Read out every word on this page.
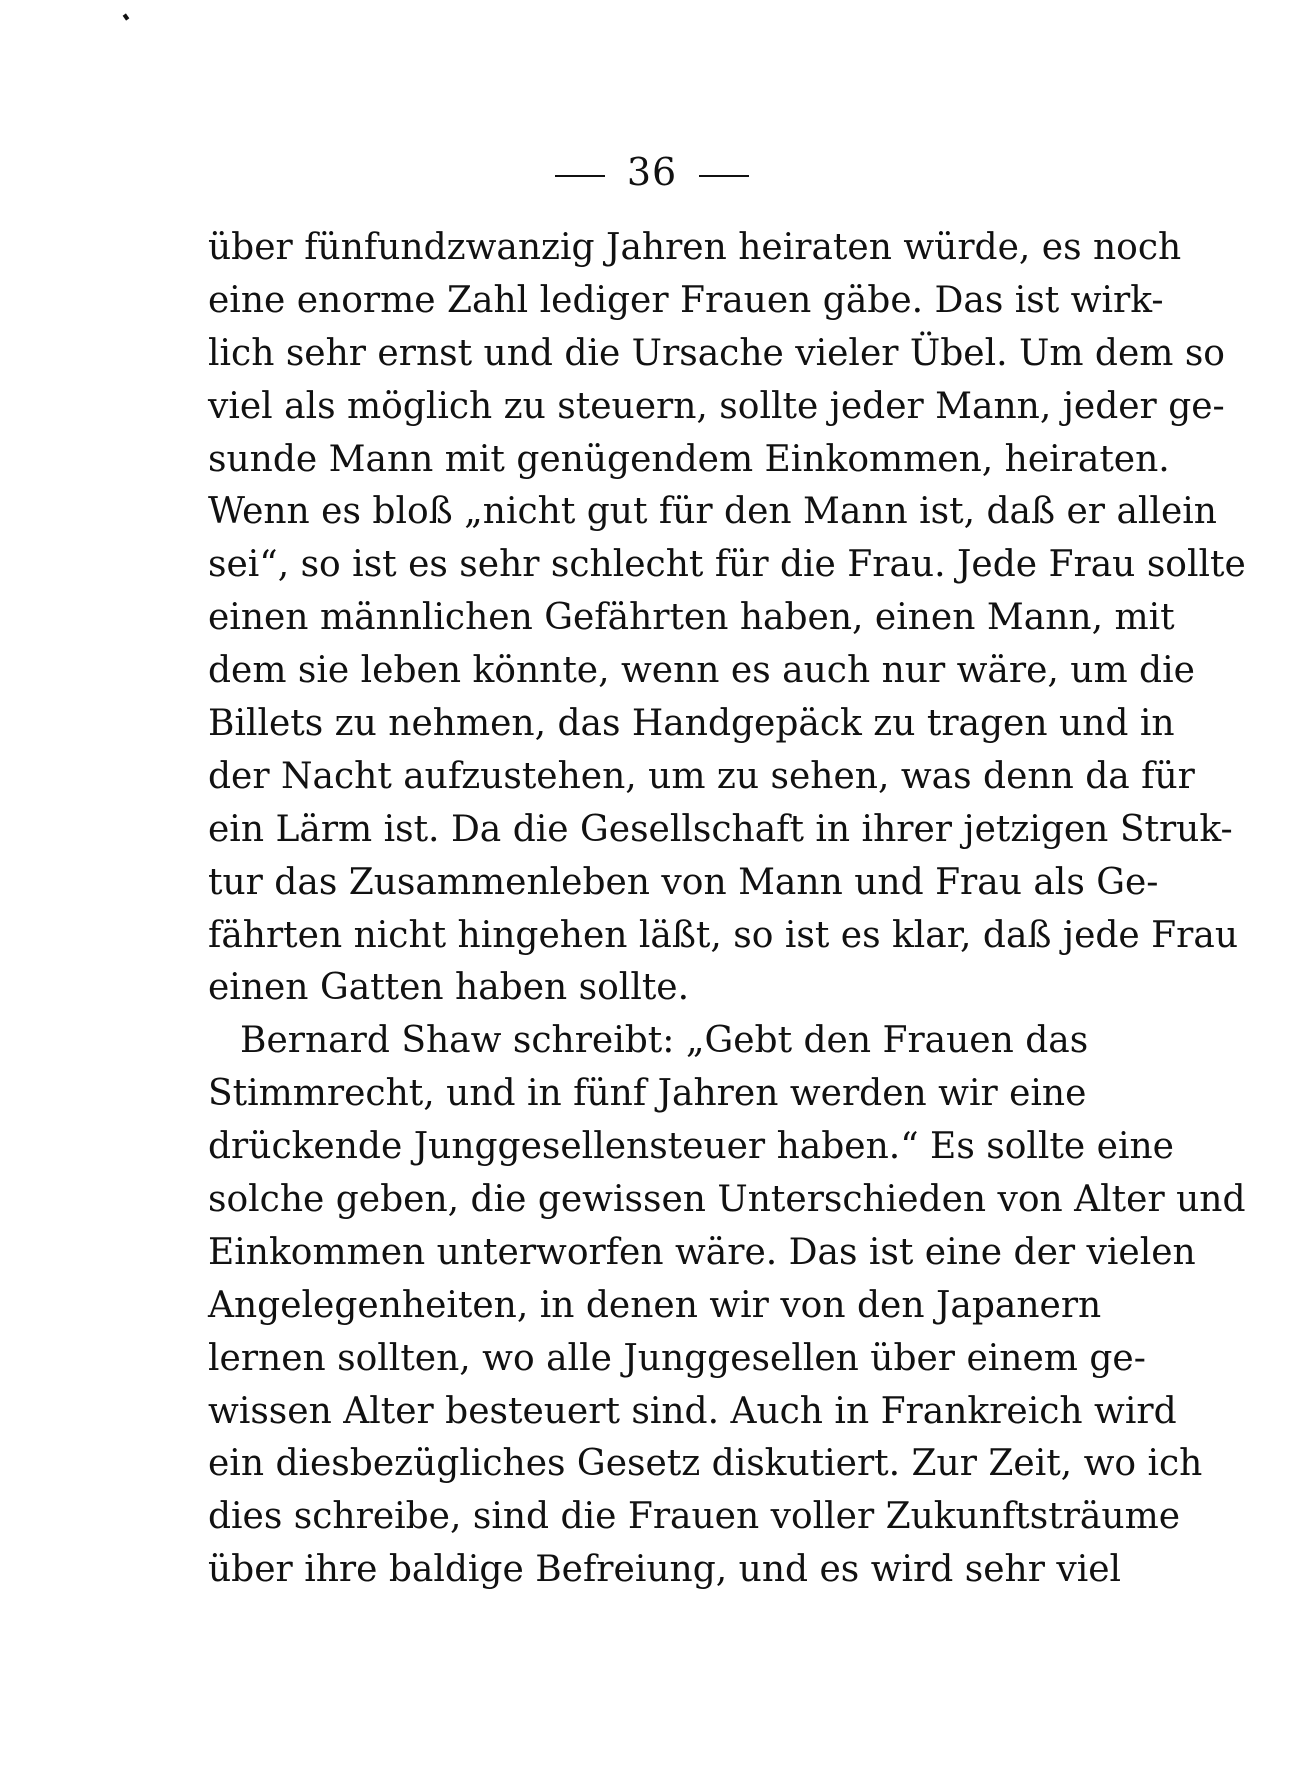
36
über fünfundzwanzig Jahren heiraten würde, es noch
eine enorme Zahl lediger Frauen gäbe. Das ist wirk-
lich sehr ernst und die Ursache vieler Übel. Um dem so
viel als möglich zu steuern, sollte jeder Mann, jeder ge-
sunde Mann mit genügendem Einkommen, heiraten.
Wenn es bloß „nicht gut für den Mann ist, daß er allein
sei“, so ist es sehr schlecht für die Frau. Jede Frau sollte
einen männlichen Gefährten haben, einen Mann, mit
dem sie leben könnte, wenn es auch nur wäre, um die
Billets zu nehmen, das Handgepäck zu tragen und in
der Nacht aufzustehen, um zu sehen, was denn da für
ein Lärm ist. Da die Gesellschaft in ihrer jetzigen Struk-
tur das Zusammenleben von Mann und Frau als Ge-
fährten nicht hingehen läßt, so ist es klar, daß jede Frau
einen Gatten haben sollte.
Bernard Shaw schreibt: „Gebt den Frauen das
Stimmrecht, und in fünf Jahren werden wir eine
drückende Junggesellensteuer haben.“ Es sollte eine
solche geben, die gewissen Unterschieden von Alter und
Einkommen unterworfen wäre. Das ist eine der vielen
Angelegenheiten, in denen wir von den Japanern
lernen sollten, wo alle Junggesellen über einem ge-
wissen Alter besteuert sind. Auch in Frankreich wird
ein diesbezügliches Gesetz diskutiert. Zur Zeit, wo ich
dies schreibe, sind die Frauen voller Zukunftsträume
über ihre baldige Befreiung, und es wird sehr viel
